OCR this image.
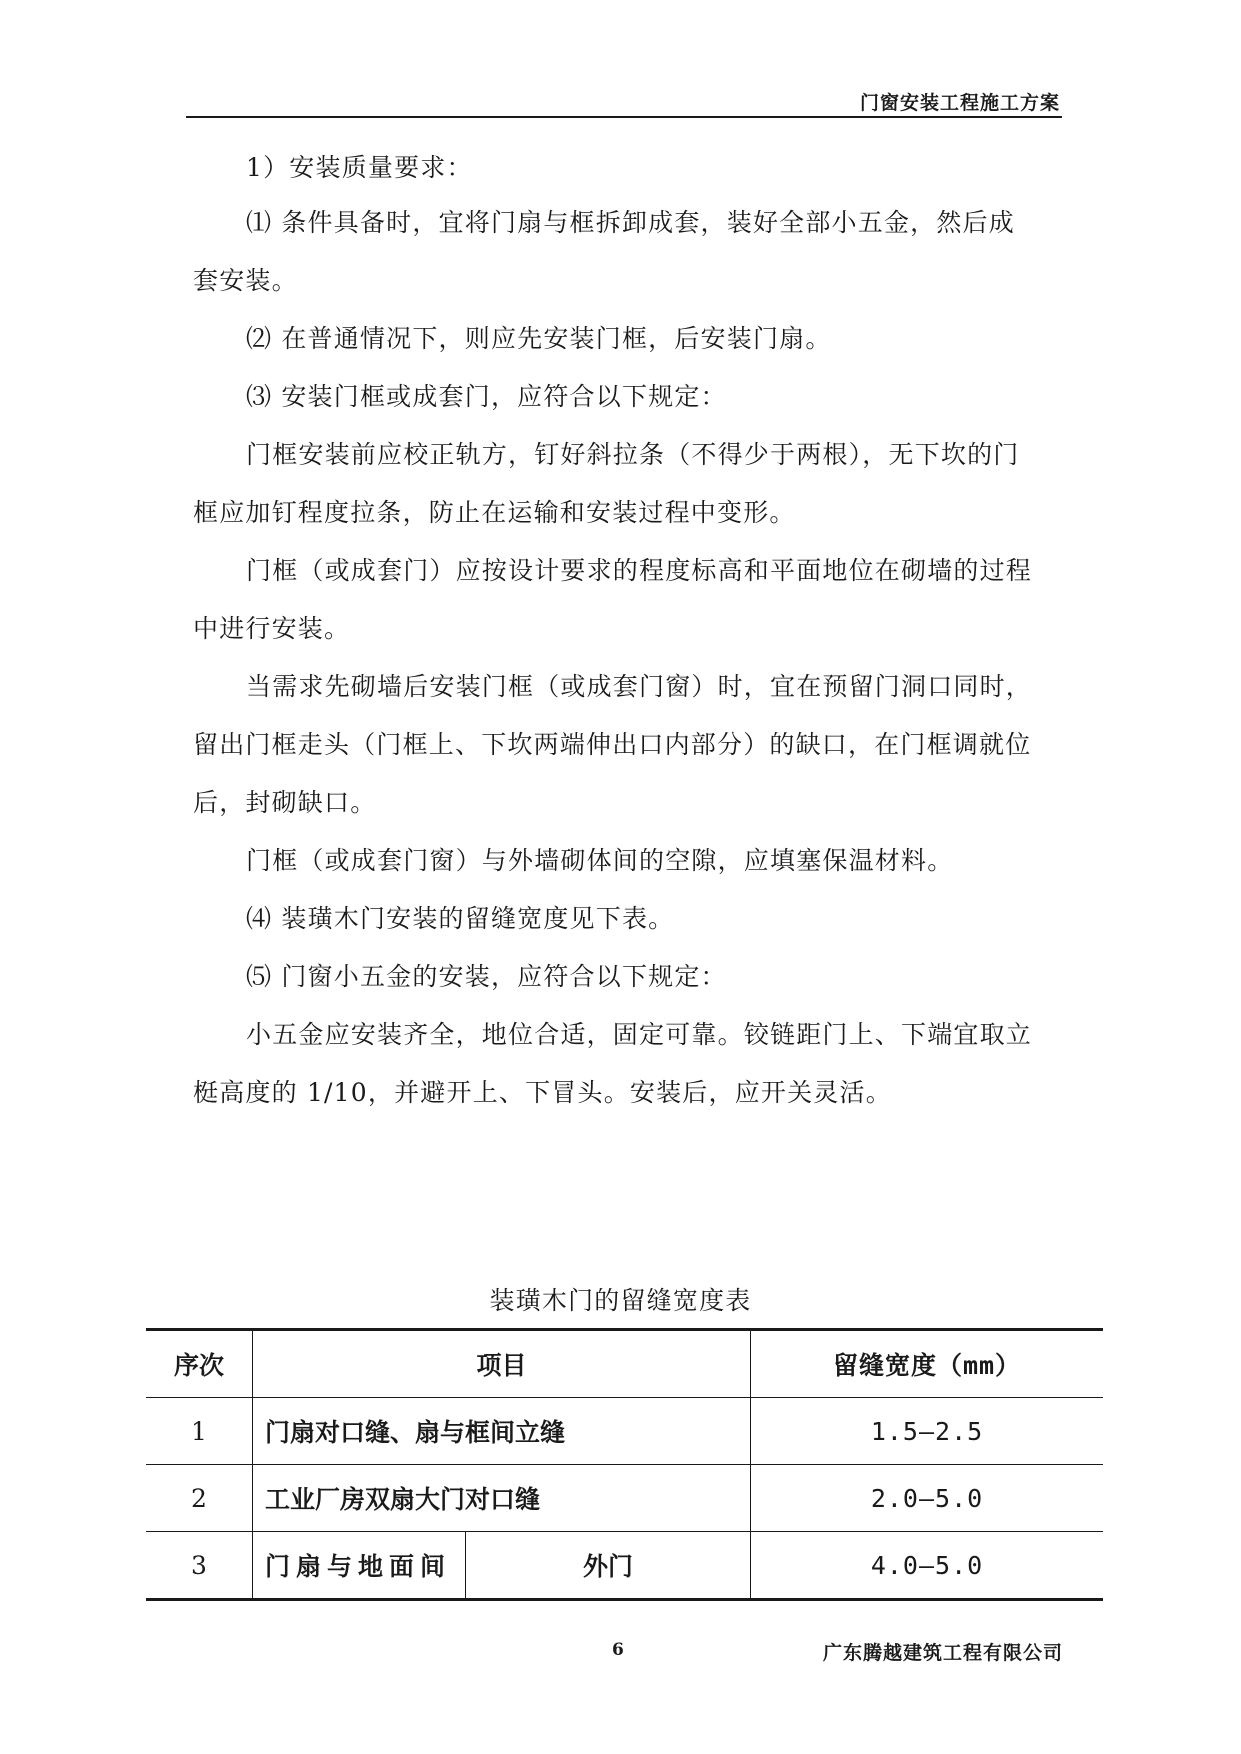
门窗安装工程施工方案
1）安装质量要求：
⑴ 条件具备时，宜将门扇与框拆卸成套，装好全部小五金，然后成
套安装。
⑵ 在普通情况下，则应先安装门框，后安装门扇。
⑶ 安装门框或成套门，应符合以下规定：
门框安装前应校正轨方，钉好斜拉条（不得少于两根），无下坎的门
框应加钉程度拉条，防止在运输和安装过程中变形。
门框（或成套门）应按设计要求的程度标高和平面地位在砌墙的过程
中进行安装。
当需求先砌墙后安装门框（或成套门窗）时，宜在预留门洞口同时，
留出门框走头（门框上、下坎两端伸出口内部分）的缺口，在门框调就位
后，封砌缺口。
门框（或成套门窗）与外墙砌体间的空隙，应填塞保温材料。
⑷ 装璜木门安装的留缝宽度见下表。
⑸ 门窗小五金的安装，应符合以下规定：
小五金应安装齐全，地位合适，固定可靠。铰链距门上、下端宜取立
梃高度的 1/10，并避开上、下冒头。安装后，应开关灵活。
装璜木门的留缝宽度表
序次	项目		留缝宽度（mm）
1	门扇对口缝、扇与框间立缝		1.5—2.5
2	工业厂房双扇大门对口缝		2.0—5.0
3	门扇与地面间	外门	4.0—5.0
6	广东腾越建筑工程有限公司
